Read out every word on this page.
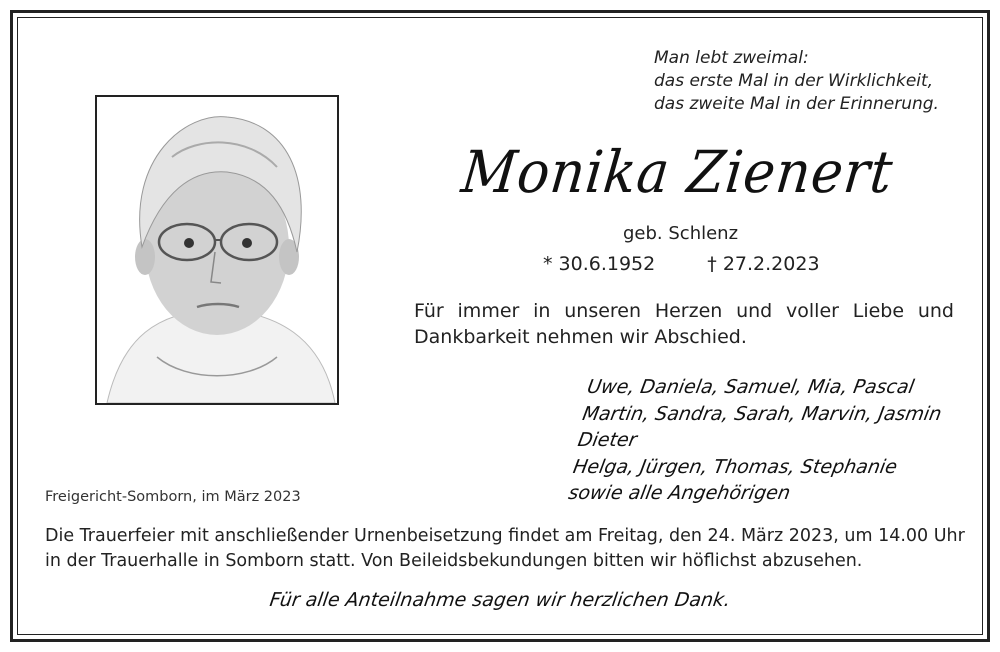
Man lebt zweimal:
das erste Mal in der Wirklichkeit,
das zweite Mal in der Erinnerung.
Monika Zienert
geb. Schlenz
* 30.6.1952	† 27.2.2023
Für immer in unseren Herzen und voller Liebe und Dankbarkeit nehmen wir Abschied.
Uwe, Daniela, Samuel, Mia, Pascal
Martin, Sandra, Sarah, Marvin, Jasmin
Dieter
Helga, Jürgen, Thomas, Stephanie
sowie alle Angehörigen
Freigericht-Somborn, im März 2023
Die Trauerfeier mit anschließender Urnenbeisetzung findet am Freitag, den 24. März 2023, um 14.00 Uhr
in der Trauerhalle in Somborn statt. Von Beileidsbekundungen bitten wir höflichst abzusehen.
Für alle Anteilnahme sagen wir herzlichen Dank.
